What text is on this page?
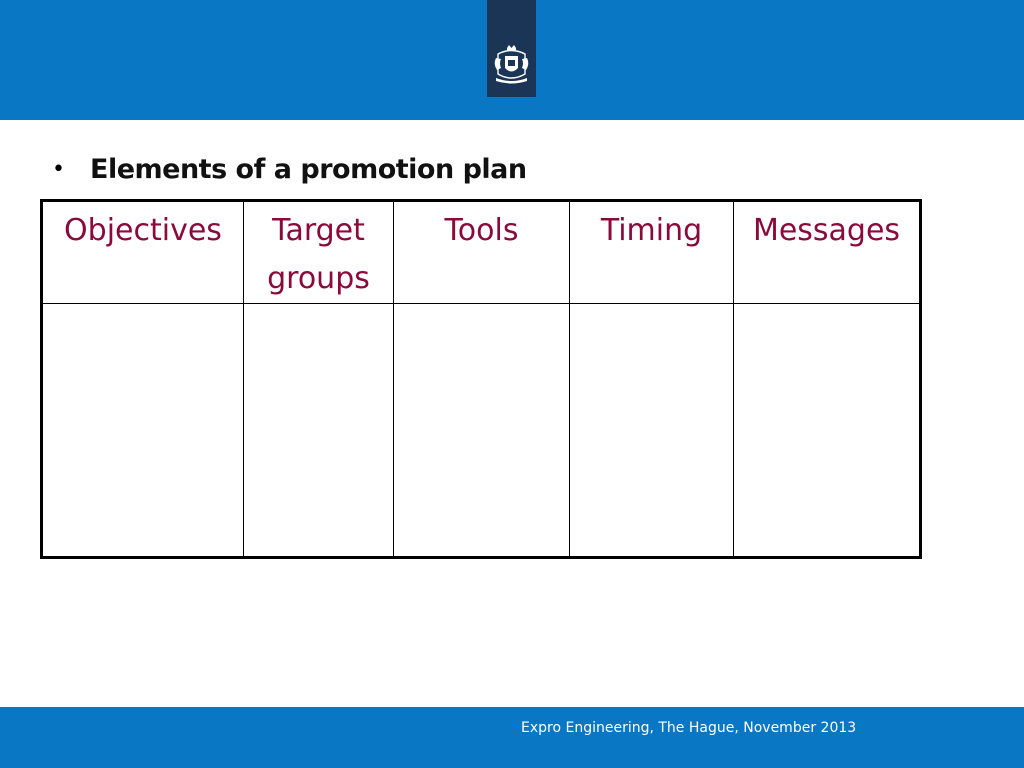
• Elements of a promotion plan
Objectives	Target groups	Tools	Timing	Messages

Expro Engineering, The Hague, November 2013
